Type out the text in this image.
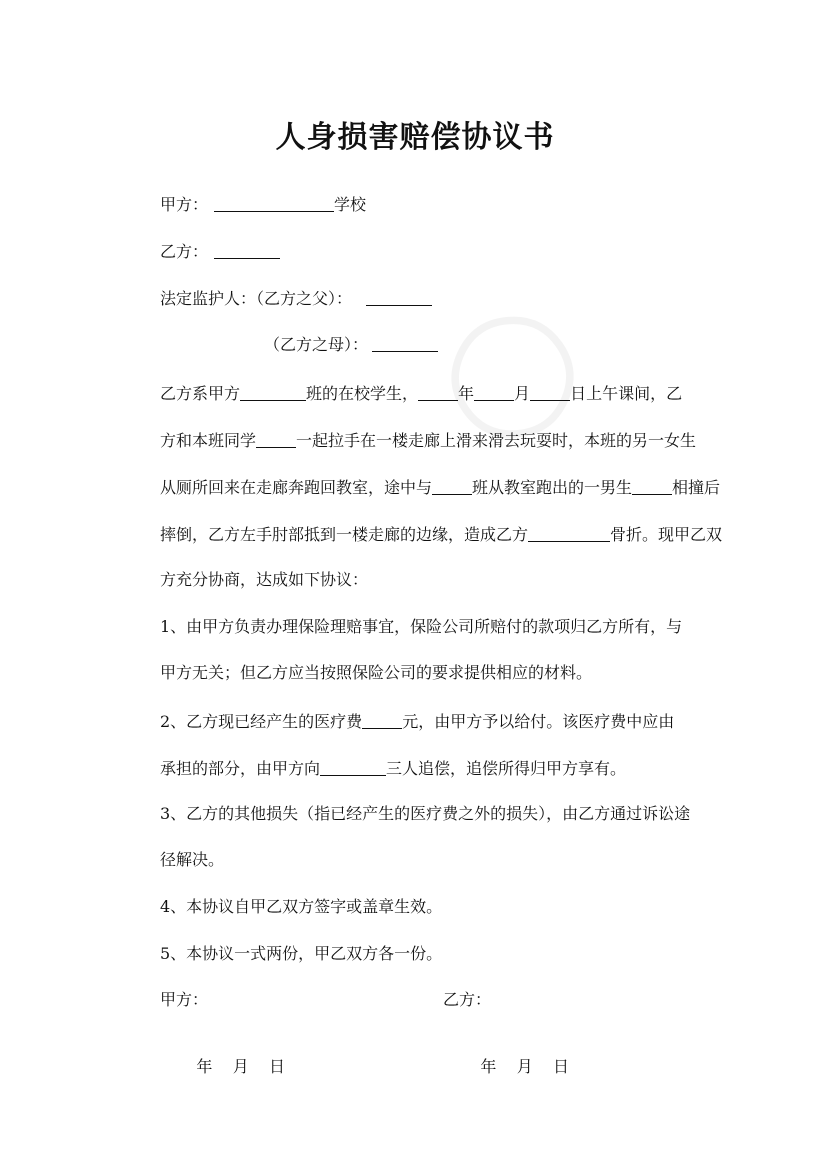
人身损害赔偿协议书
甲方：	学校
乙方：
法定监护人：（乙方之父）：
（乙方之母）：
乙方系甲方	班的在校学生，	年	月	日上午课间，乙
方和本班同学	一起拉手在一楼走廊上滑来滑去玩耍时，本班的另一女生
从厕所回来在走廊奔跑回教室，途中与	班从教室跑出的一男生	相撞后
摔倒，乙方左手肘部抵到一楼走廊的边缘，造成乙方	骨折。现甲乙双
方充分协商，达成如下协议：
1、由甲方负责办理保险理赔事宜，保险公司所赔付的款项归乙方所有，与
甲方无关；但乙方应当按照保险公司的要求提供相应的材料。
2、乙方现已经产生的医疗费	元，由甲方予以给付。该医疗费中应由
承担的部分，由甲方向	三人追偿，追偿所得归甲方享有。
3、乙方的其他损失（指已经产生的医疗费之外的损失），由乙方通过诉讼途
径解决。
4、本协议自甲乙双方签字或盖章生效。
5、本协议一式两份，甲乙双方各一份。
甲方：	乙方：

年    月    日
	年    月    日
